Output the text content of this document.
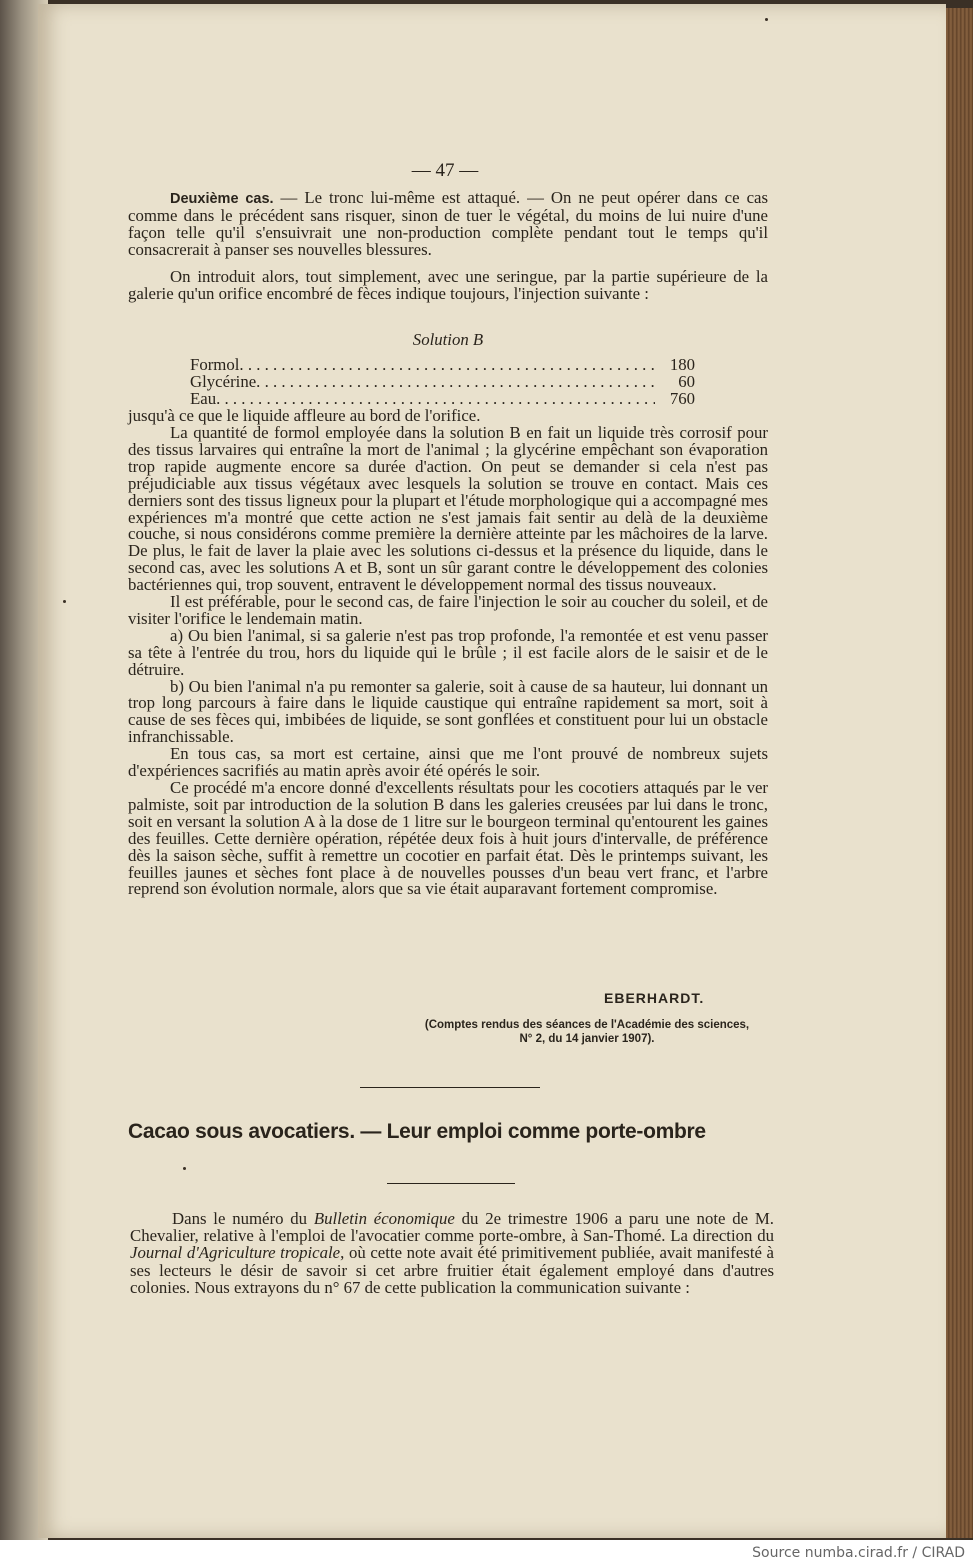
— 47 —

Deuxième cas. — Le tronc lui-même est attaqué. — On ne peut opérer dans ce cas comme dans le précédent sans risquer, sinon de tuer le végétal, du moins de lui nuire d'une façon telle qu'il s'ensuivrait une non-production complète pendant tout le temps qu'il consacrerait à panser ses nouvelles blessures.

On introduit alors, tout simplement, avec une seringue, par la partie supérieure de la galerie qu'un orifice encombré de fèces indique toujours, l'injection suivante :

Solution B
Formol . . .	180
Glycérine . . .	60
Eau . . .	760

jusqu'à ce que le liquide affleure au bord de l'orifice.

La quantité de formol employée dans la solution B en fait un liquide très corrosif pour des tissus larvaires qui entraîne la mort de l'animal ; la glycérine empêchant son évaporation trop rapide augmente encore sa durée d'action. On peut se demander si cela n'est pas préjudiciable aux tissus végétaux avec lesquels la solution se trouve en contact. Mais ces derniers sont des tissus ligneux pour la plupart et l'étude morphologique qui a accompagné mes expériences m'a montré que cette action ne s'est jamais fait sentir au delà de la deuxième couche, si nous considérons comme première la dernière atteinte par les mâchoires de la larve. De plus, le fait de laver la plaie avec les solutions ci-dessus et la présence du liquide, dans le second cas, avec les solutions A et B, sont un sûr garant contre le développement des colonies bactériennes qui, trop souvent, entravent le développement normal des tissus nouveaux.

Il est préférable, pour le second cas, de faire l'injection le soir au coucher du soleil, et de visiter l'orifice le lendemain matin.

a) Ou bien l'animal, si sa galerie n'est pas trop profonde, l'a remontée et est venu passer sa tête à l'entrée du trou, hors du liquide qui le brûle ; il est facile alors de le saisir et de le détruire.

b) Ou bien l'animal n'a pu remonter sa galerie, soit à cause de sa hauteur, lui donnant un trop long parcours à faire dans le liquide caustique qui entraîne rapidement sa mort, soit à cause de ses fèces qui, imbibées de liquide, se sont gonflées et constituent pour lui un obstacle infranchissable.

En tous cas, sa mort est certaine, ainsi que me l'ont prouvé de nombreux sujets d'expériences sacrifiés au matin après avoir été opérés le soir.

Ce procédé m'a encore donné d'excellents résultats pour les cocotiers attaqués par le ver palmiste, soit par introduction de la solution B dans les galeries creusées par lui dans le tronc, soit en versant la solution A à la dose de 1 litre sur le bourgeon terminal qu'entourent les gaines des feuilles. Cette dernière opération, répétée deux fois à huit jours d'intervalle, de préférence dès la saison sèche, suffit à remettre un cocotier en parfait état. Dès le printemps suivant, les feuilles jaunes et sèches font place à de nouvelles pousses d'un beau vert franc, et l'arbre reprend son évolution normale, alors que sa vie était auparavant fortement compromise.

EBERHARDT.
(Comptes rendus des séances de l'Académie des sciences,
N° 2, du 14 janvier 1907).
Cacao sous avocatiers. — Leur emploi comme porte-ombre

Dans le numéro du Bulletin économique du 2e trimestre 1906 a paru une note de M. Chevalier, relative à l'emploi de l'avocatier comme porte-ombre, à San-Thomé. La direction du Journal d'Agriculture tropicale, où cette note avait été primitivement publiée, avait manifesté à ses lecteurs le désir de savoir si cet arbre fruitier était également employé dans d'autres colonies. Nous extrayons du n° 67 de cette publication la communication suivante :

Source numba.cirad.fr / CIRAD
